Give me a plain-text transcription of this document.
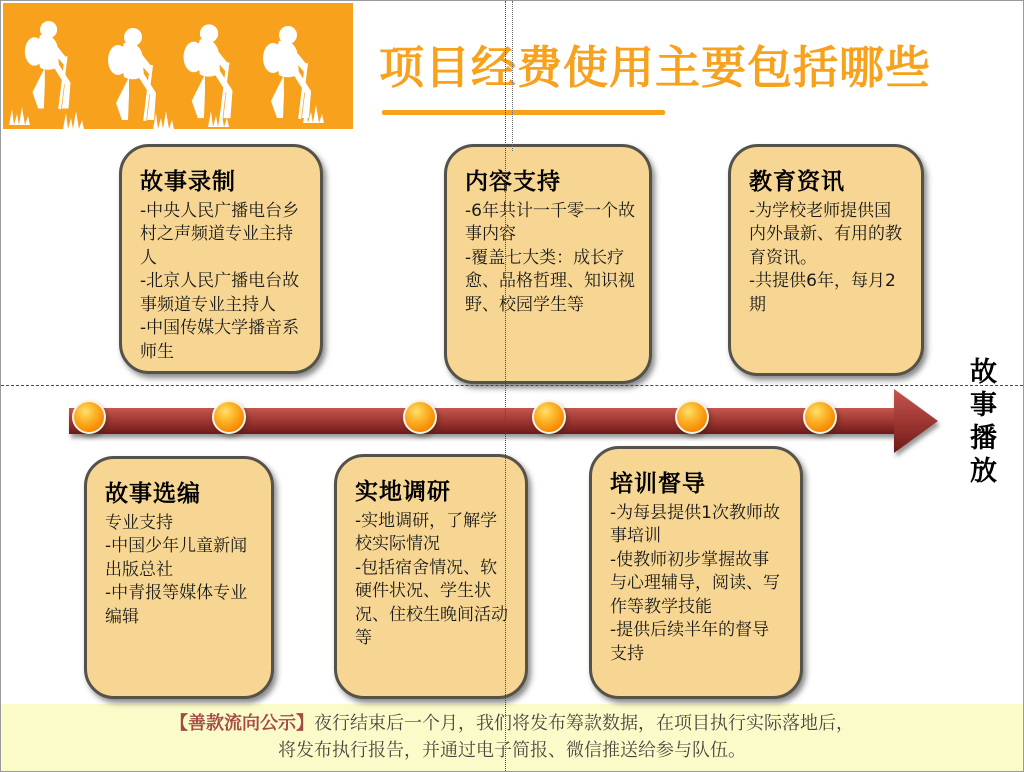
项目经费使用主要包括哪些
故事播放
故事录制
-中央人民广播电台乡村之声频道专业主持人
-北京人民广播电台故事频道专业主持人
-中国传媒大学播音系师生
内容支持
-6年共计一千零一个故事内容
-覆盖七大类：成长疗愈、品格哲理、知识视野、校园学生等
教育资讯
-为学校老师提供国内外最新、有用的教育资讯。
-共提供6年，每月2期
故事选编
专业支持
-中国少年儿童新闻出版总社
-中青报等媒体专业编辑
实地调研
-实地调研，了解学校实际情况
-包括宿舍情况、软硬件状况、学生状况、住校生晚间活动等
培训督导
-为每县提供1次教师故事培训
-使教师初步掌握故事与心理辅导，阅读、写作等教学技能
-提供后续半年的督导支持
【善款流向公示】夜行结束后一个月，我们将发布筹款数据，在项目执行实际落地后，
将发布执行报告，并通过电子简报、微信推送给参与队伍。
